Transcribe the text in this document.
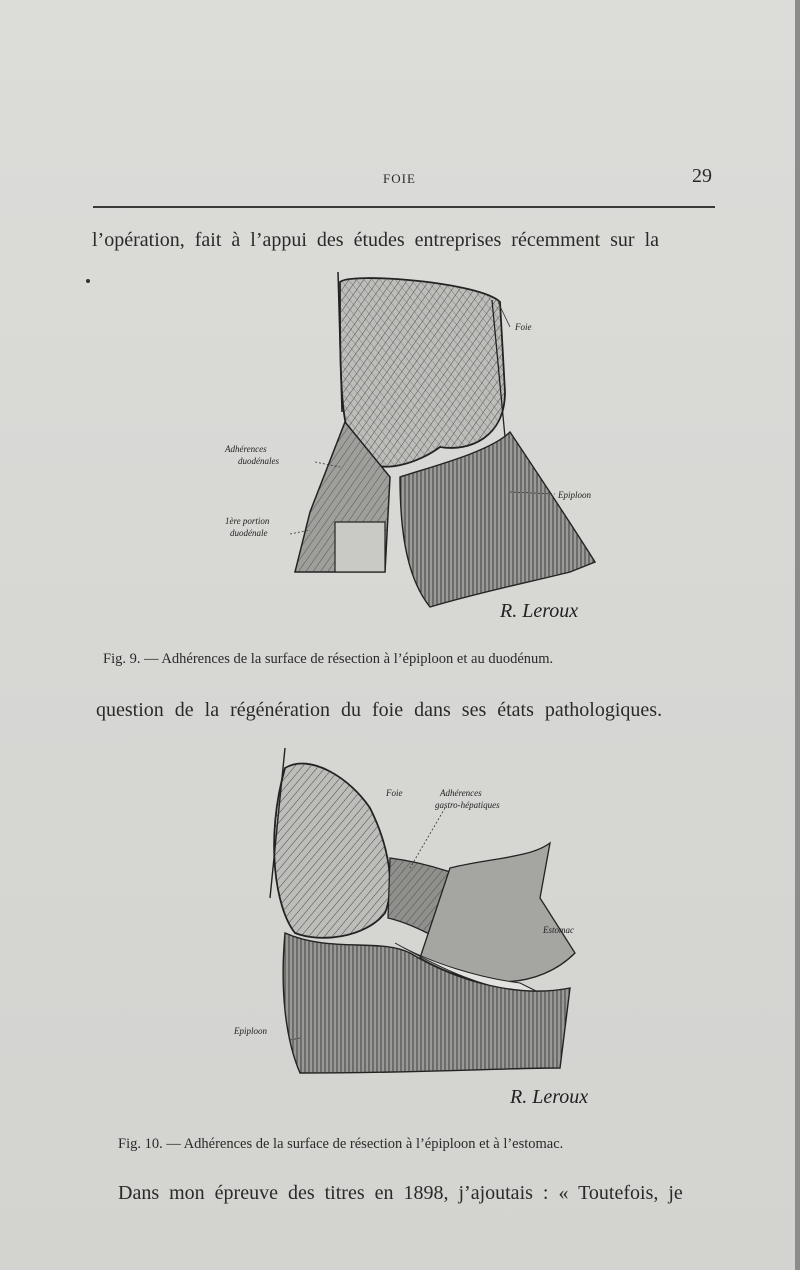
FOIE	29
l’opération, fait à l’appui des études entreprises récemment sur la
Foie
Adhérences
duodénales
1ère portion
duodénale
Epiploon
R. Leroux
Fig. 9. — Adhérences de la surface de résection à l’épiploon et au duodénum.
question de la régénération du foie dans ses états pathologiques.
Foie	Adhérences
gastro-hépatiques
Estomac
Epiploon
R. Leroux
Fig. 10. — Adhérences de la surface de résection à l’épiploon et à l’estomac.
Dans mon épreuve des titres en 1898, j’ajoutais : « Toutefois, je
